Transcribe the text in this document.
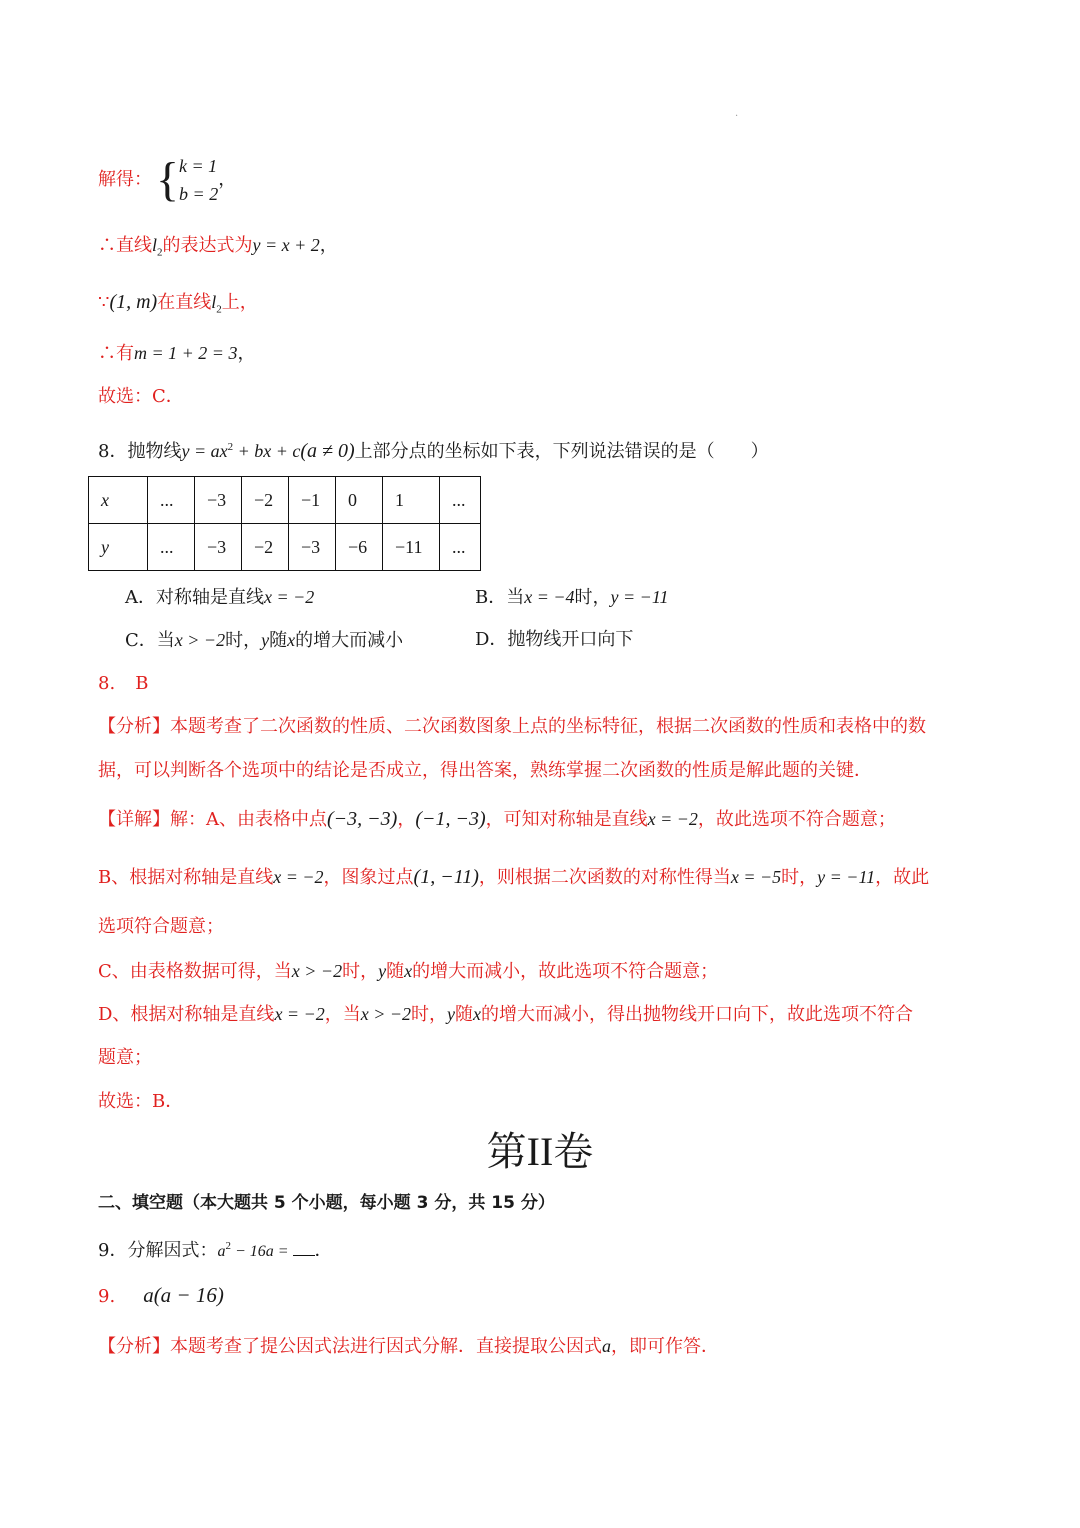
.
解得：{ k = 1
b = 2
，
∴直线$l_2$的表达式为y = x + 2，
∵(1, m)在直线$l_2$上，
∴有m = 1 + 2 = 3，
故选：C．
8．抛物线$y = ax^2$ + bx + c(a ≠ 0)上部分点的坐标如下表，下列说法错误的是（　　）
x	...	−3	−2	−1	0	1	...
y	...	−3	−2	−3	−6	−11	...
A．对称轴是直线x = −2	B．当x = −4时，y = −11
C．当x > −2时，y随x的增大而减小	D．抛物线开口向下
8. B
【分析】本题考查了二次函数的性质、二次函数图象上点的坐标特征，根据二次函数的性质和表格中的数
据，可以判断各个选项中的结论是否成立，得出答案，熟练掌握二次函数的性质是解此题的关键．
【详解】解：A、由表格中点(−3, −3)，(−1, −3)，可知对称轴是直线x = −2，故此选项不符合题意；
B、根据对称轴是直线x = −2，图象过点(1, −11)，则根据二次函数的对称性得当x = −5时，y = −11，故此
选项符合题意；
C、由表格数据可得，当x > −2时，y随x的增大而减小，故此选项不符合题意；
D、根据对称轴是直线x = −2，当x > −2时，y随x的增大而减小，得出抛物线开口向下，故此选项不符合
题意；
故选：B．
第II卷
二、填空题（本大题共 5 个小题，每小题 3 分，共 15 分）
9．分解因式：$a^2 - 16a$ = ．
9. a(a − 16)
【分析】本题考查了提公因式法进行因式分解．直接提取公因式a，即可作答．
